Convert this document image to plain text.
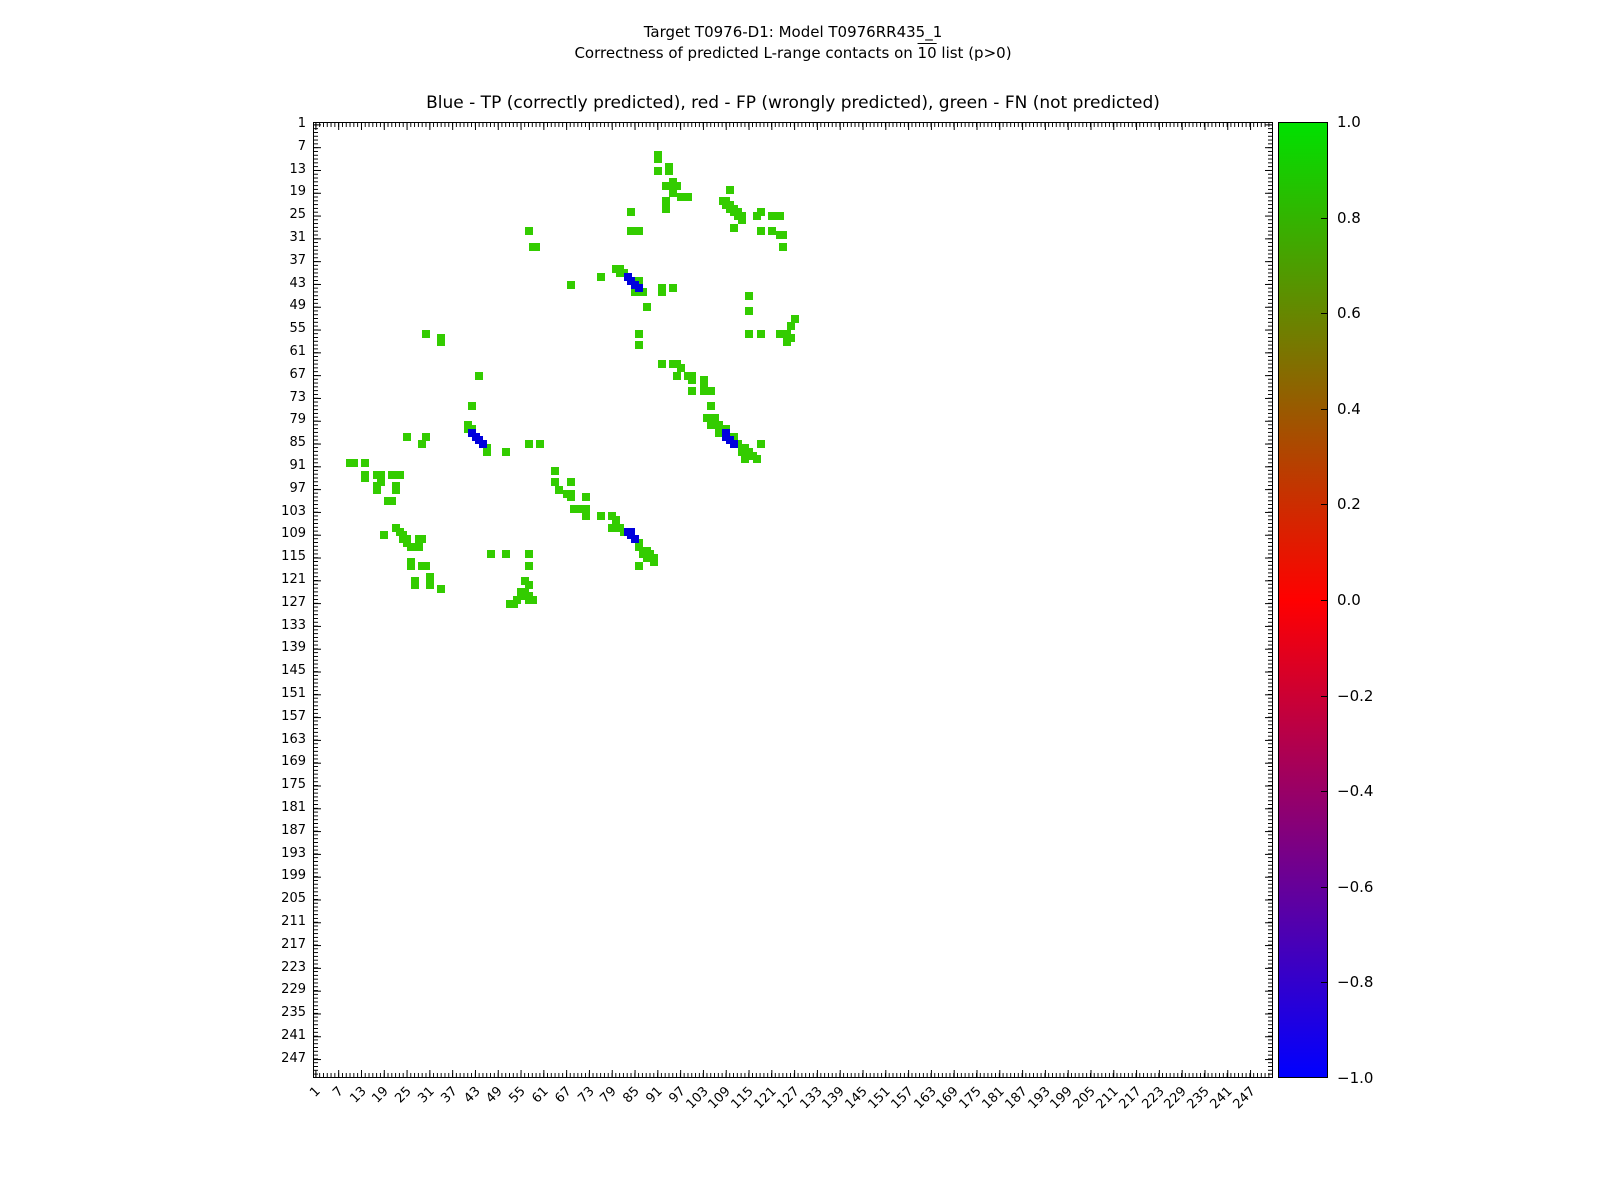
Target T0976-D1: Model T0976RR435_1
Correctness of predicted L-range contacts on 10 list (p>0)
Blue - TP (correctly predicted), red - FP (wrongly predicted), green - FN (not predicted)
1
7
13
19
25
31
37
43
49
55
61
67
73
79
85
91
97
103
109
115
121
127
133
139
145
151
157
163
169
175
181
187
193
199
205
211
217
223
229
235
241
247
1 7 13 19 25 31 37 43 49 55 61 67 73 79 85 91 97
103
109
115
121
127
133
139
145
151
157
163
169
175
181
187
193
199
205
211
217
223
229
235
241
247
1.0
0.8
0.6
0.4
0.2
0.0
−0.2
−0.4
−0.6
−0.8
−1.0
